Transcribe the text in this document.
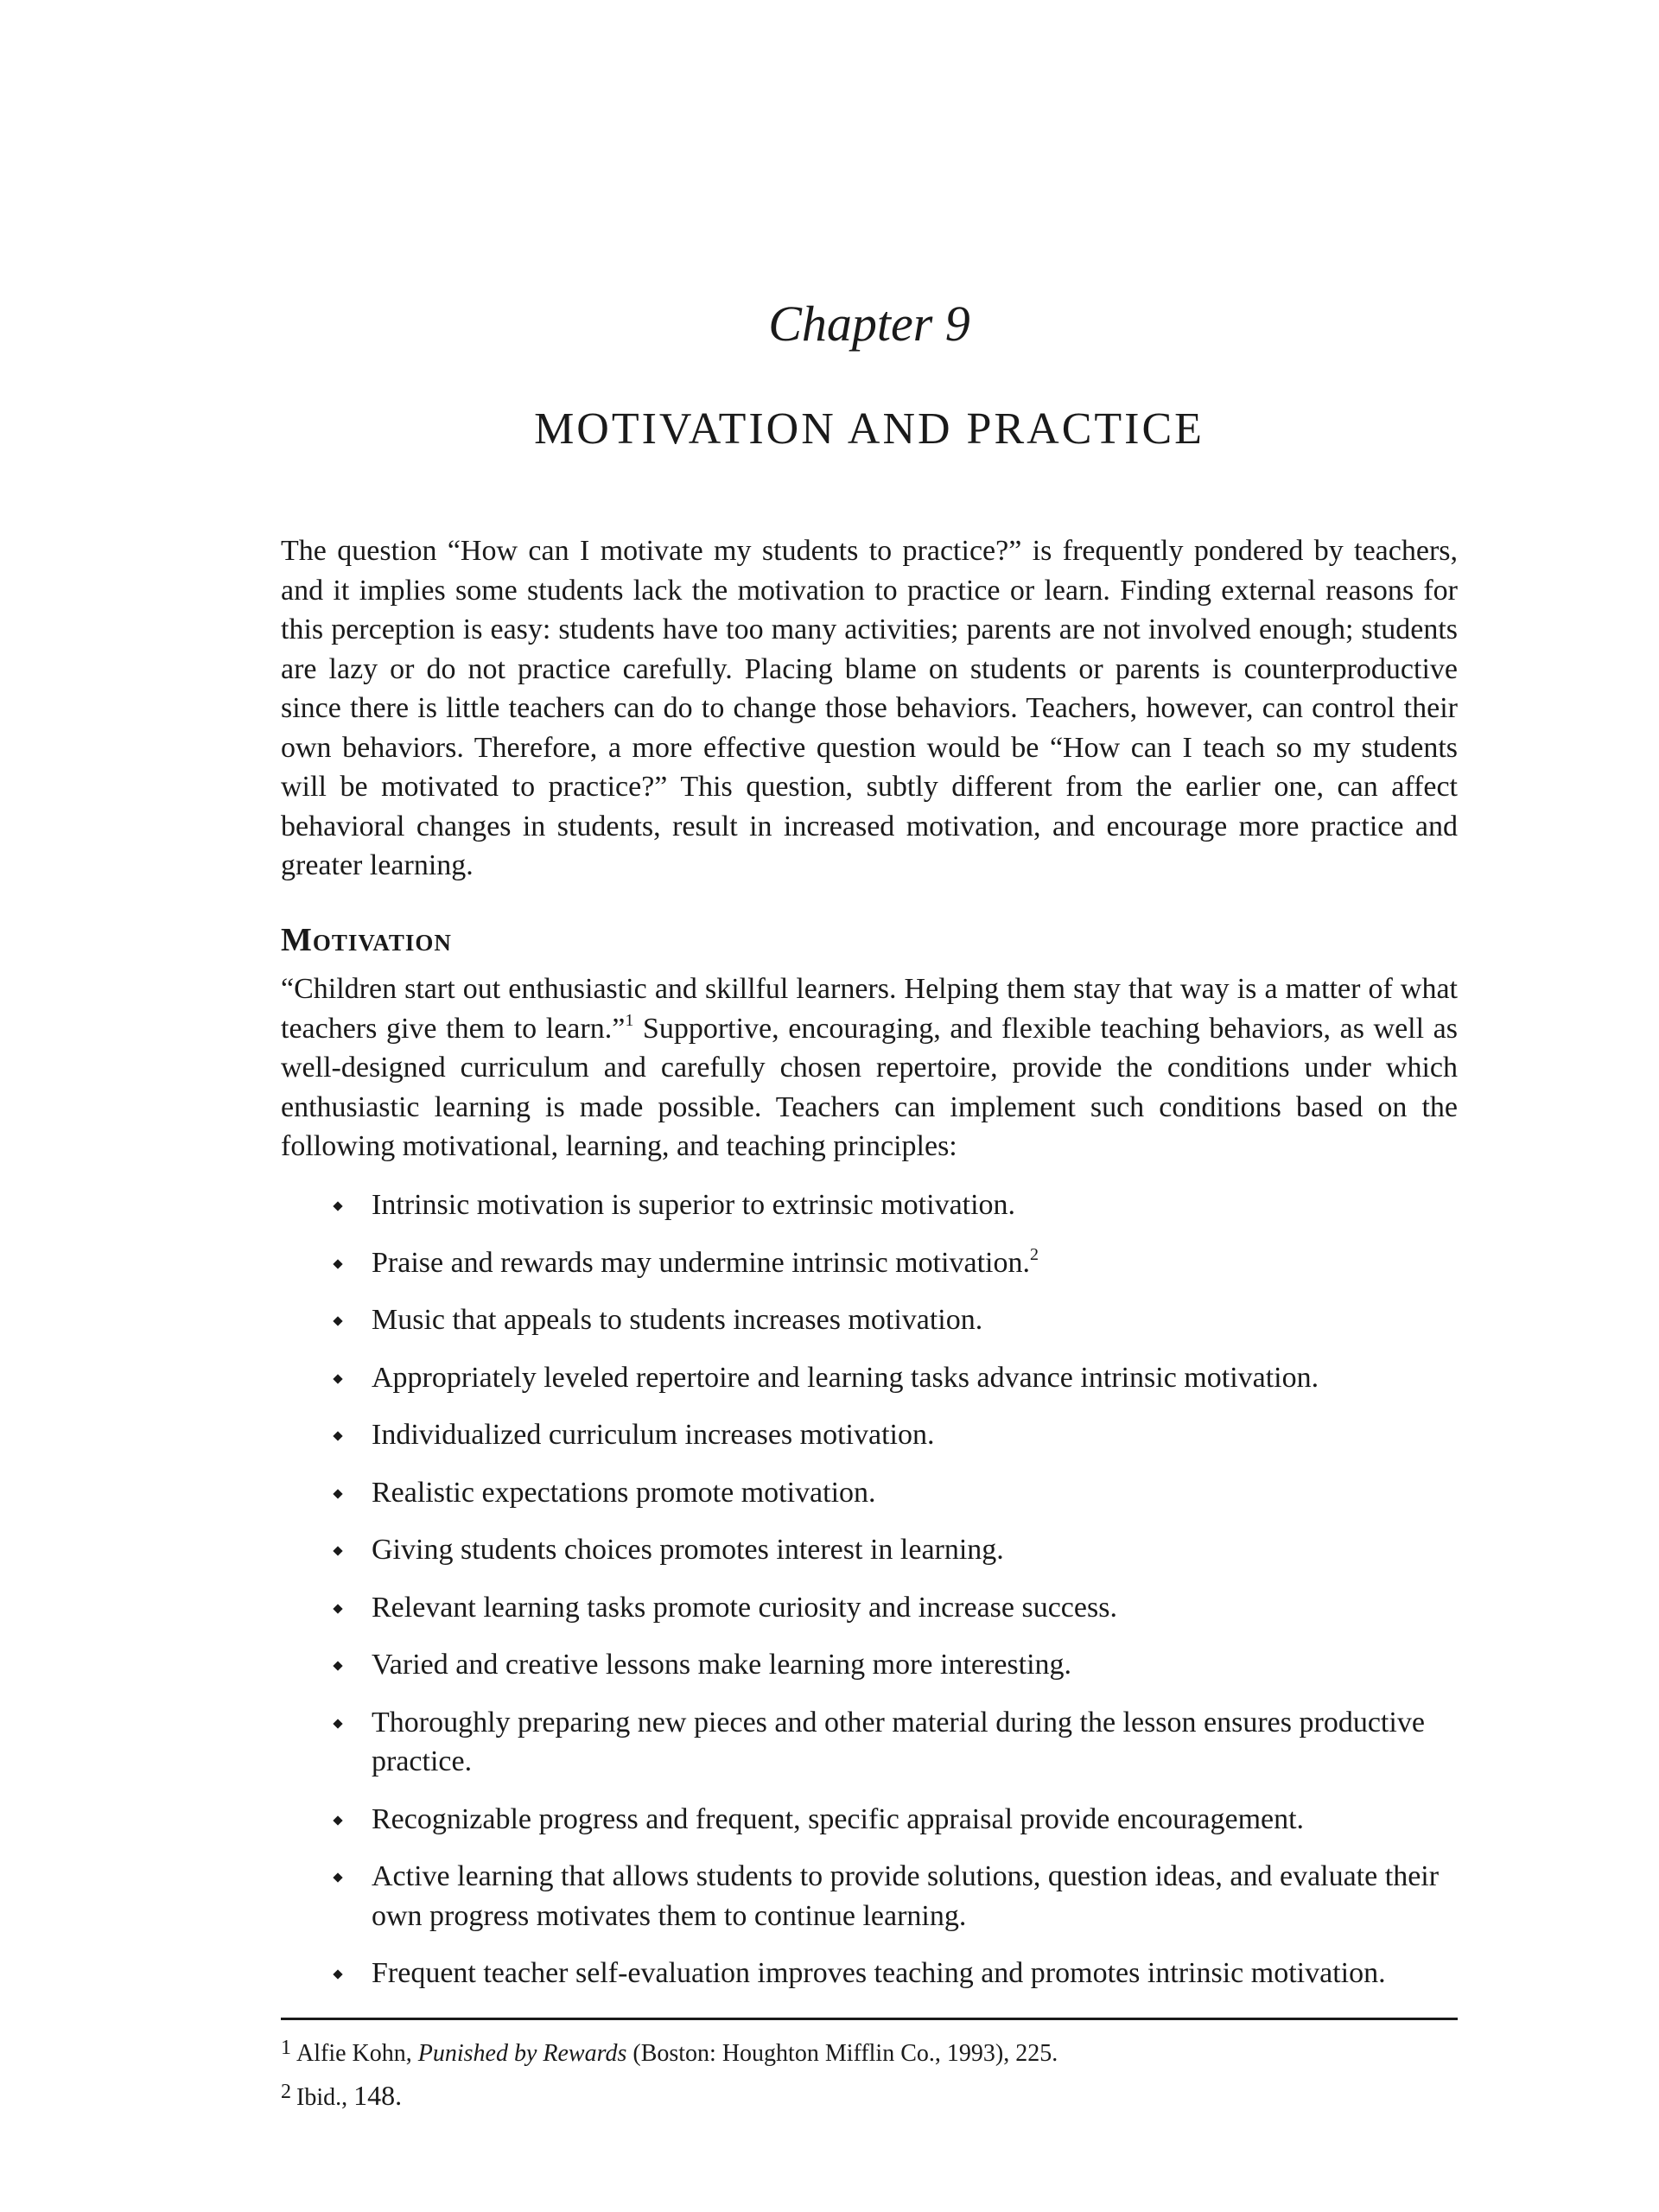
Chapter 9
MOTIVATION AND PRACTICE

The question “How can I motivate my students to practice?” is frequently pondered by teachers, and it implies some students lack the motivation to practice or learn. Finding external reasons for this perception is easy: students have too many activities; parents are not involved enough; students are lazy or do not practice carefully. Placing blame on students or parents is counterproductive since there is little teachers can do to change those behaviors. Teachers, however, can control their own behaviors. Therefore, a more effective question would be “How can I teach so my students will be motivated to practice?” This question, subtly different from the earlier one, can affect behavioral changes in students, result in increased motivation, and encourage more practice and greater learning.

Motivation

“Children start out enthusiastic and skillful learners. Helping them stay that way is a matter of what teachers give them to learn.”$^1$ Supportive, encouraging, and flexible teaching behaviors, as well as well-designed curriculum and carefully chosen repertoire, provide the conditions under which enthusiastic learning is made possible. Teachers can implement such conditions based on the following motivational, learning, and teaching principles:

Intrinsic motivation is superior to extrinsic motivation.
Praise and rewards may undermine intrinsic motivation.$^2$
Music that appeals to students increases motivation.
Appropriately leveled repertoire and learning tasks advance intrinsic motivation.
Individualized curriculum increases motivation.
Realistic expectations promote motivation.
Giving students choices promotes interest in learning.
Relevant learning tasks promote curiosity and increase success.
Varied and creative lessons make learning more interesting.
Thoroughly preparing new pieces and other material during the lesson ensures productive practice.
Recognizable progress and frequent, specific appraisal provide encouragement.
Active learning that allows students to provide solutions, question ideas, and evaluate their own progress motivates them to continue learning.
Frequent teacher self-evaluation improves teaching and promotes intrinsic motivation.

1 Alfie Kohn, Punished by Rewards (Boston: Houghton Mifflin Co., 1993), 225.

2 Ibid., 148.
